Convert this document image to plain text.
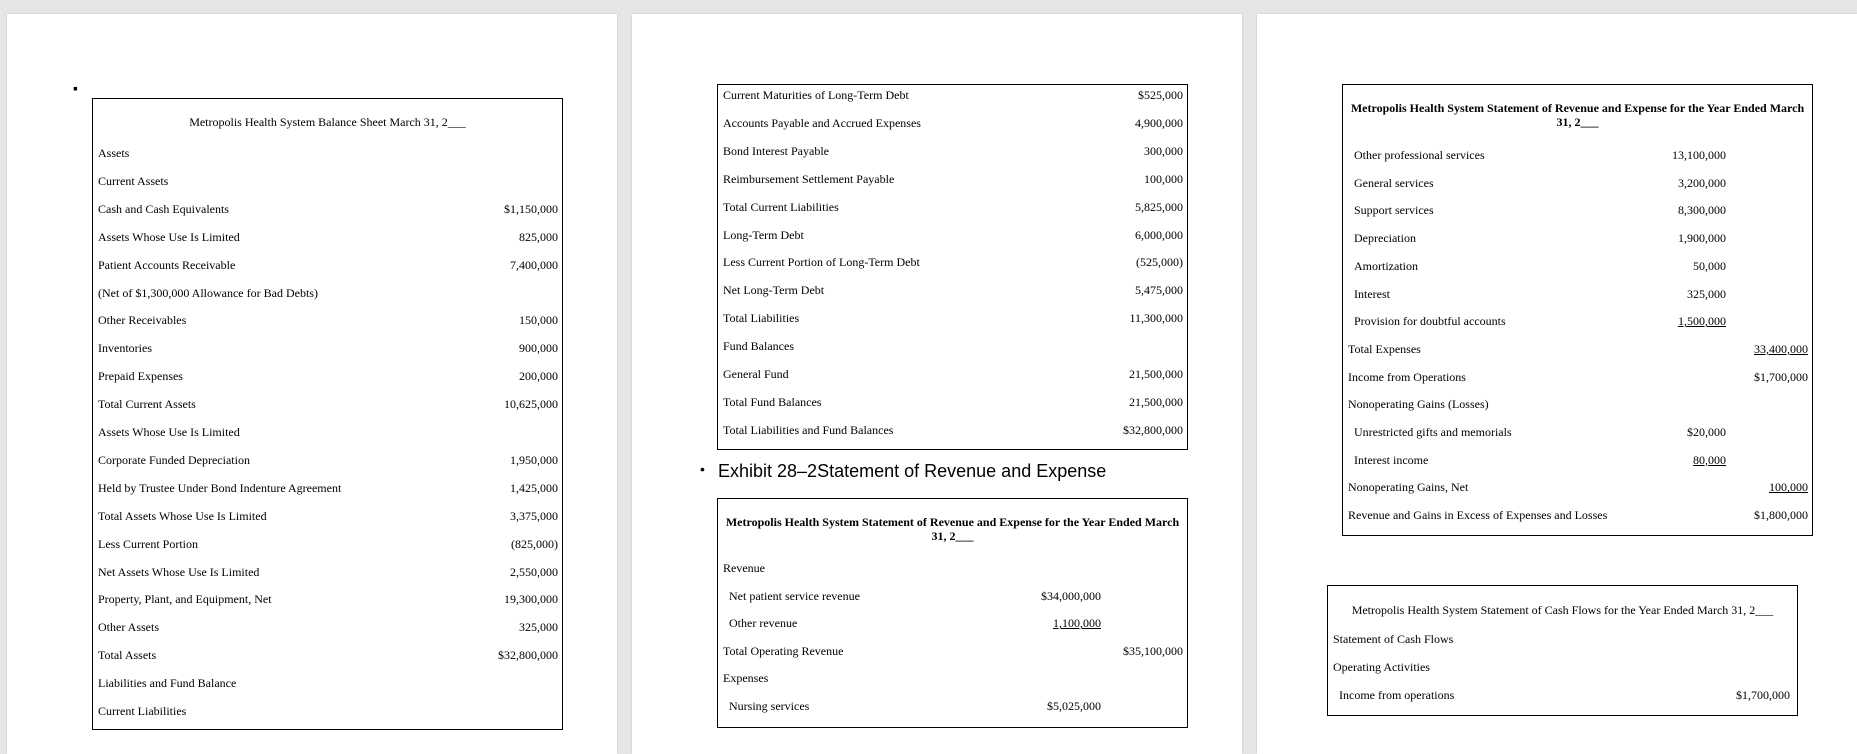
▪
Metropolis Health System Balance Sheet March 31, 2___
Assets
Current Assets
Cash and Cash Equivalents	$1,150,000
Assets Whose Use Is Limited	825,000
Patient Accounts Receivable	7,400,000
(Net of $1,300,000 Allowance for Bad Debts)
Other Receivables	150,000
Inventories	900,000
Prepaid Expenses	200,000
Total Current Assets	10,625,000
Assets Whose Use Is Limited
Corporate Funded Depreciation	1,950,000
Held by Trustee Under Bond Indenture Agreement	1,425,000
Total Assets Whose Use Is Limited	3,375,000
Less Current Portion	(825,000)
Net Assets Whose Use Is Limited	2,550,000
Property, Plant, and Equipment, Net	19,300,000
Other Assets	325,000
Total Assets	$32,800,000
Liabilities and Fund Balance
Current Liabilities
Current Maturities of Long-Term Debt	$525,000
Accounts Payable and Accrued Expenses	4,900,000
Bond Interest Payable	300,000
Reimbursement Settlement Payable	100,000
Total Current Liabilities	5,825,000
Long-Term Debt	6,000,000
Less Current Portion of Long-Term Debt	(525,000)
Net Long-Term Debt	5,475,000
Total Liabilities	11,300,000
Fund Balances
General Fund	21,500,000
Total Fund Balances	21,500,000
Total Liabilities and Fund Balances	$32,800,000
• Exhibit 28–2Statement of Revenue and Expense
Metropolis Health System Statement of Revenue and Expense for the Year Ended March 31, 2___
Revenue
Net patient service revenue	$34,000,000
Other revenue	1,100,000
Total Operating Revenue	$35,100,000
Expenses
Nursing services	$5,025,000
Metropolis Health System Statement of Revenue and Expense for the Year Ended March 31, 2___
Other professional services	13,100,000
General services	3,200,000
Support services	8,300,000
Depreciation	1,900,000
Amortization	50,000
Interest	325,000
Provision for doubtful accounts	1,500,000
Total Expenses	33,400,000
Income from Operations	$1,700,000
Nonoperating Gains (Losses)
Unrestricted gifts and memorials	$20,000
Interest income	80,000
Nonoperating Gains, Net	100,000
Revenue and Gains in Excess of Expenses and Losses	$1,800,000
Metropolis Health System Statement of Cash Flows for the Year Ended March 31, 2___
Statement of Cash Flows
Operating Activities
Income from operations	$1,700,000
